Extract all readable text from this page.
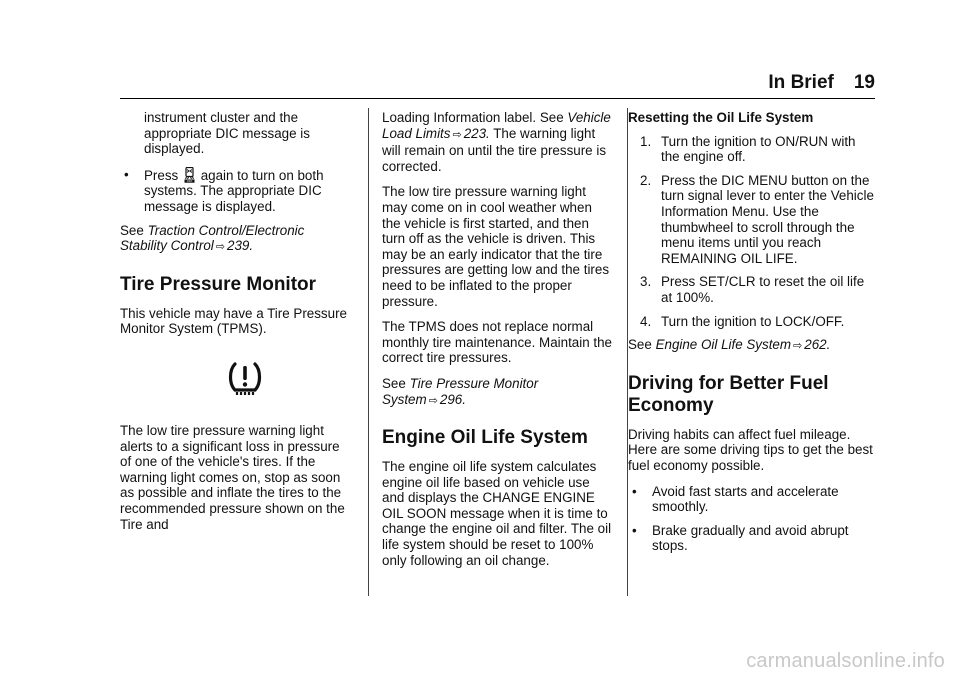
In Brief 19

instrument cluster and the appropriate DIC message is displayed.

• Press	OFF again to turn on both systems. The appropriate DIC message is displayed.

See Traction Control/Electronic Stability Control ⇨ 239.

Tire Pressure Monitor

This vehicle may have a Tire Pressure Monitor System (TPMS).

The low tire pressure warning light alerts to a significant loss in pressure of one of the vehicle's tires. If the warning light comes on, stop as soon as possible and inflate the tires to the recommended pressure shown on the Tire and

Loading Information label. See Vehicle Load Limits ⇨ 223. The warning light will remain on until the tire pressure is corrected.

The low tire pressure warning light may come on in cool weather when the vehicle is first started, and then turn off as the vehicle is driven. This may be an early indicator that the tire pressures are getting low and the tires need to be inflated to the proper pressure.

The TPMS does not replace normal monthly tire maintenance. Maintain the correct tire pressures.

See Tire Pressure Monitor System ⇨ 296.

Engine Oil Life System

The engine oil life system calculates engine oil life based on vehicle use and displays the CHANGE ENGINE OIL SOON message when it is time to change the engine oil and filter. The oil life system should be reset to 100% only following an oil change.

Resetting the Oil Life System
1. Turn the ignition to ON/RUN with the engine off.
2. Press the DIC MENU button on the turn signal lever to enter the Vehicle Information Menu. Use the thumbwheel to scroll through the menu items until you reach REMAINING OIL LIFE.
3. Press SET/CLR to reset the oil life at 100%.
4. Turn the ignition to LOCK/OFF.

See Engine Oil Life System ⇨ 262.

Driving for Better Fuel Economy

Driving habits can affect fuel mileage. Here are some driving tips to get the best fuel economy possible.

• Avoid fast starts and accelerate smoothly.
• Brake gradually and avoid abrupt stops.
carmanualsonline.info
